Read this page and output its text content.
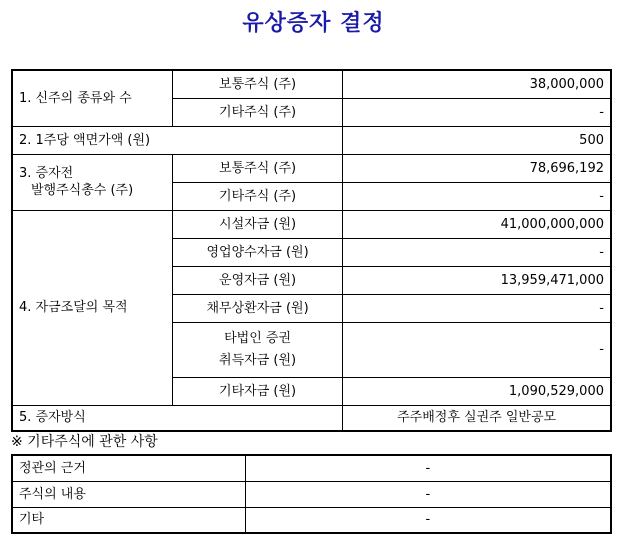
유상증자 결정
1. 신주의 종류와 수	보통주식 (주)	38,000,000
	기타주식 (주)	-
2. 1주당 액면가액 (원)		500

3. 증자전
발행주식총수 (주)	보통주식 (주)	78,696,192
	기타주식 (주)	-
4. 자금조달의 목적	시설자금 (원)	41,000,000,000
	영업양수자금 (원)	-
	운영자금 (원)	13,959,471,000
	채무상환자금 (원)	-

	타법인 증권
취득자금 (원)	-
	기타자금 (원)	1,090,529,000
5. 증자방식		주주배정후 실권주 일반공모
※ 기타주식에 관한 사항
정관의 근거	-
주식의 내용	-
기타	-
